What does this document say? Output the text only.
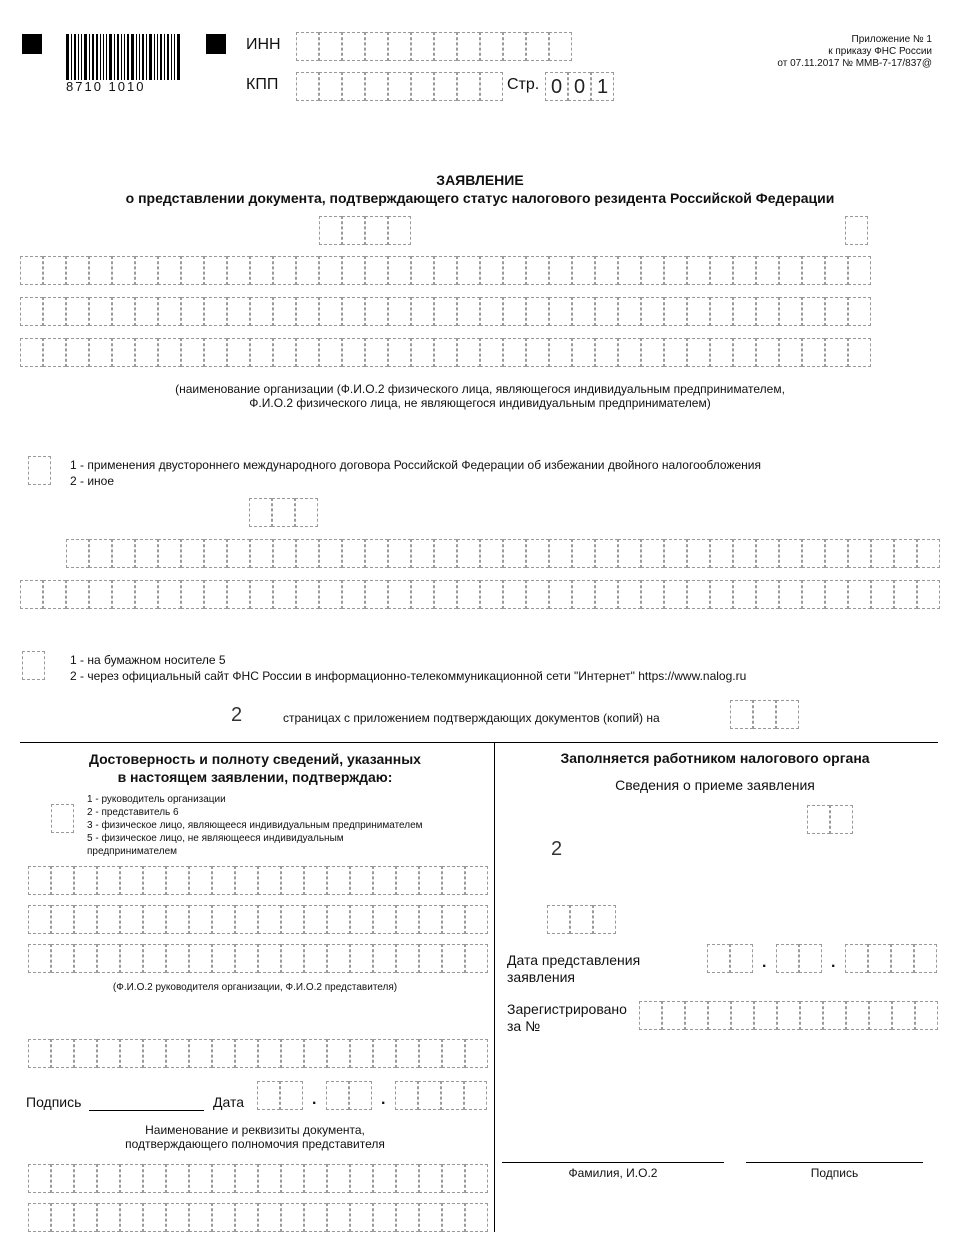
8710 1010
ИНН
КПП	Стр. 0 0 1
Приложение № 1
к приказу ФНС России
от 07.11.2017 № ММВ-7-17/837@
ЗАЯВЛЕНИЕ
о представлении документа, подтверждающего статус налогового резидента Российской Федерации
(наименование организации (Ф.И.О.2 физического лица, являющегося индивидуальным предпринимателем,
Ф.И.О.2 физического лица, не являющегося индивидуальным предпринимателем)
1 - применения двустороннего международного договора Российской Федерации об избежании двойного налогообложения
2 - иное
1 - на бумажном носителе 5
2 - через официальный сайт ФНС России в информационно-телекоммуникационной сети "Интернет" https://www.nalog.ru
2	страницах с приложением подтверждающих документов (копий) на
Достоверность и полноту сведений, указанных
в настоящем заявлении, подтверждаю:
1 - руководитель организации
2 - представитель 6
3 - физическое лицо, являющееся индивидуальным предпринимателем
5 - физическое лицо, не являющееся индивидуальным
предпринимателем
(Ф.И.О.2 руководителя организации, Ф.И.О.2 представителя)
Подпись	Дата	.	.
Наименование и реквизиты документа,
подтверждающего полномочия представителя
Заполняется работником налогового органа
Сведения о приеме заявления
2
Дата представления
заявления
.	.
Зарегистрировано
за №
Фамилия, И.О.2	Подпись
